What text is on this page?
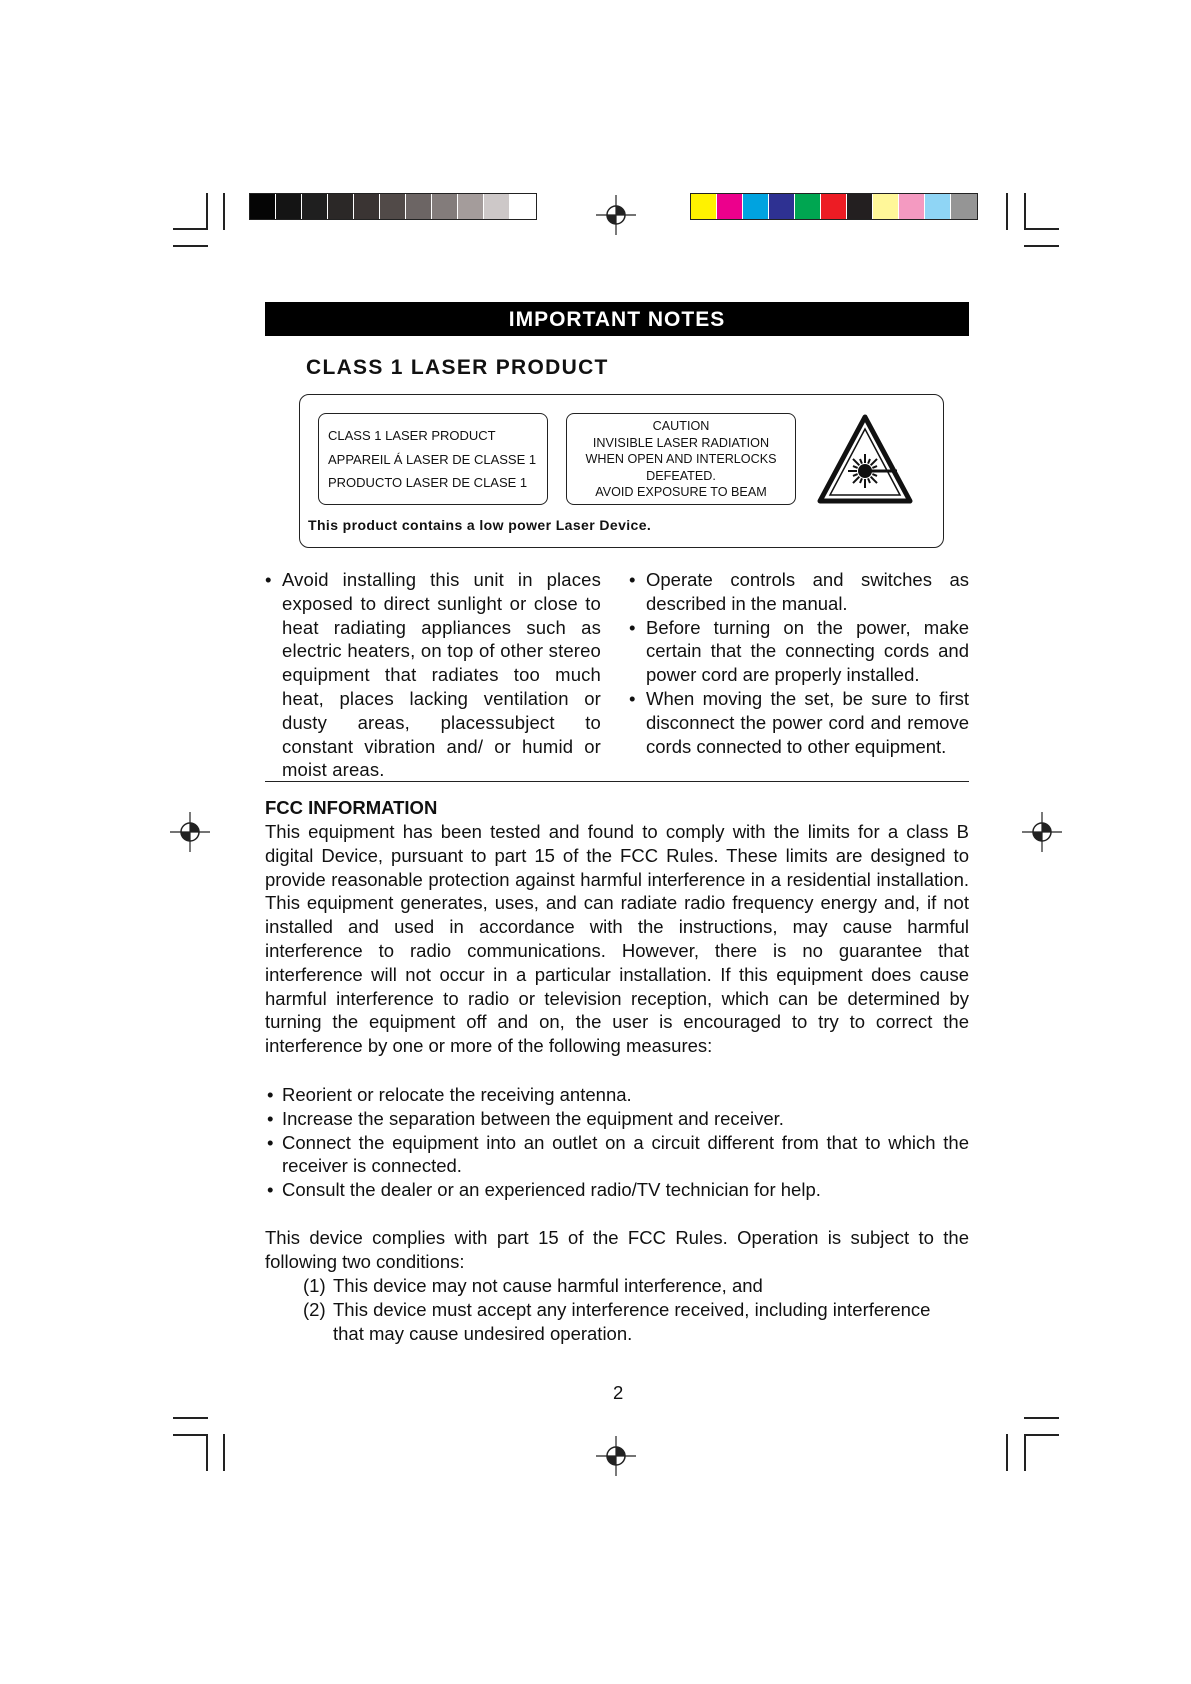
IMPORTANT NOTES
CLASS 1 LASER PRODUCT
CLASS 1 LASER PRODUCT
APPAREIL Á LASER DE CLASSE 1
PRODUCTO LASER DE CLASE 1
CAUTION
INVISIBLE LASER RADIATION
WHEN OPEN AND INTERLOCKS
DEFEATED.
AVOID EXPOSURE TO BEAM
This product contains a low power Laser Device.
• Avoid installing this unit in places exposed to direct sunlight or close to heat radiating appliances such as electric heaters, on top of other stereo equipment that radiates too much heat, places lacking ventilation or dusty areas, placessubject to constant vibration and/ or humid or moist areas.
• Operate controls and switches as described in the manual.
• Before turning on the power, make certain that the connecting cords and power cord are properly installed.
• When moving the set, be sure to first disconnect the power cord and remove cords connected to other equipment.
FCC INFORMATION
This equipment has been tested and found to comply with the limits for a class B digital Device, pursuant to part 15 of the FCC Rules. These limits are designed to provide reasonable protection against harmful interference in a residential installation. This equipment generates, uses, and can radiate radio frequency energy and, if not installed and used in accordance with the instructions, may cause harmful interference to radio communications. However, there is no guarantee that interference will not occur in a particular installation. If this equipment does cause harmful interference to radio or television reception, which can be determined by turning the equipment off and on, the user is encouraged to try to correct the interference by one or more of the following measures:
• Reorient or relocate the receiving antenna.
• Increase the separation between the equipment and receiver.
• Connect the equipment into an outlet on a circuit different from that to which the receiver is connected.
• Consult the dealer or an experienced radio/TV technician for help.
This device complies with part 15 of the FCC Rules. Operation is subject to the following two conditions:
(1) This device may not cause harmful interference, and
(2) This device must accept any interference received, including interference that may cause undesired operation.
2
